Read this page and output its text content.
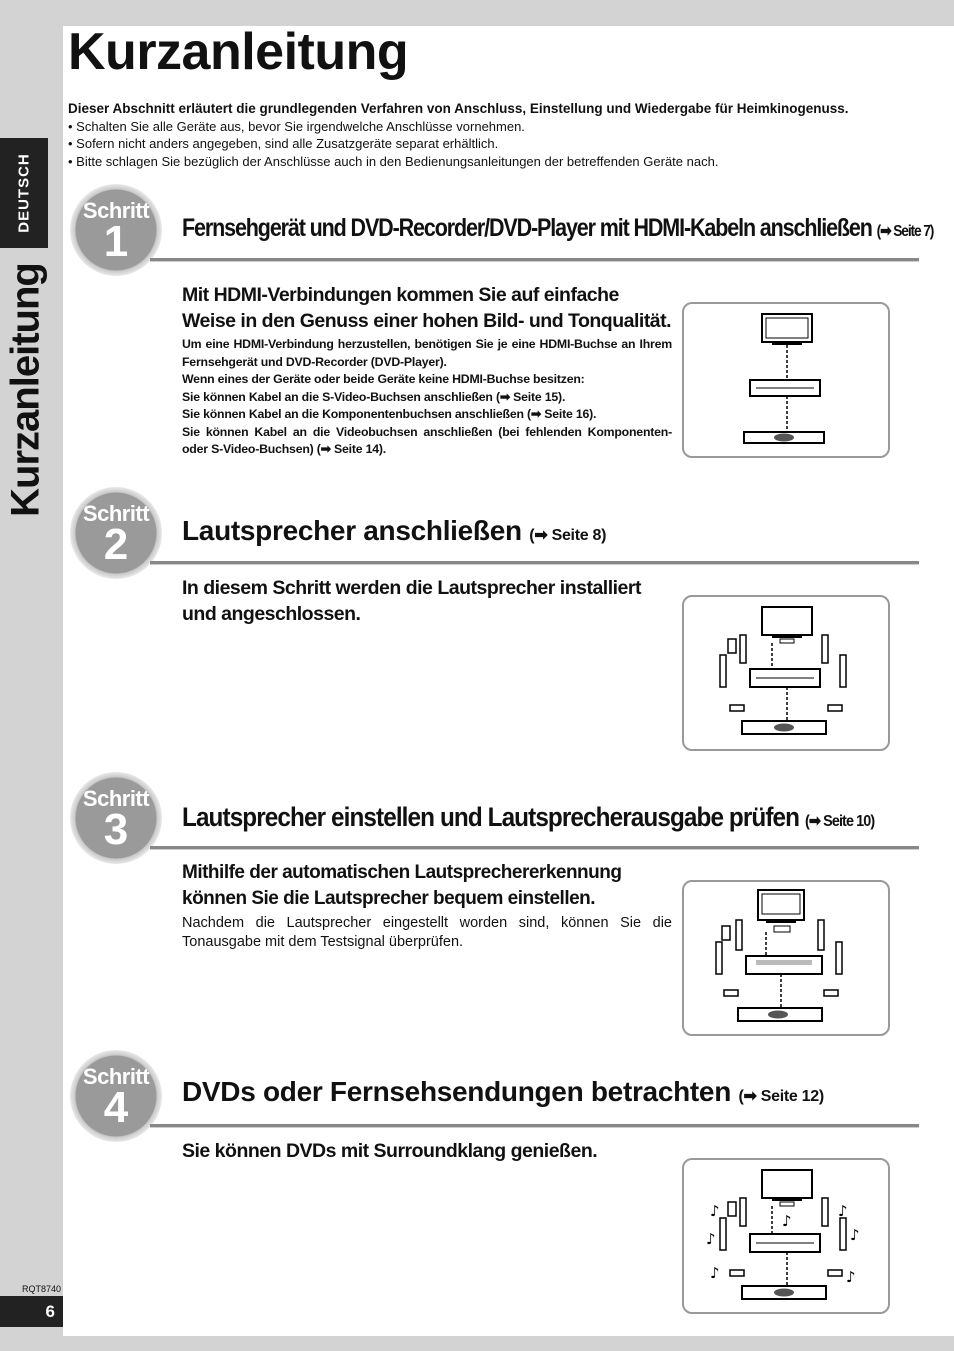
DEUTSCH
Kurzanleitung
Kurzanleitung
Dieser Abschnitt erläutert die grundlegenden Verfahren von Anschluss, Einstellung und Wiedergabe für Heimkinogenuss.
• Schalten Sie alle Geräte aus, bevor Sie irgendwelche Anschlüsse vornehmen.
• Sofern nicht anders angegeben, sind alle Zusatzgeräte separat erhältlich.
• Bitte schlagen Sie bezüglich der Anschlüsse auch in den Bedienungsanleitungen der betreffenden Geräte nach.
Schritt
1	Fernsehgerät und DVD-Recorder/DVD-Player mit HDMI-Kabeln anschließen (➡ Seite 7)

Mit HDMI-Verbindungen kommen Sie auf einfache Weise in den Genuss einer hohen Bild- und Tonqualität.

Um eine HDMI-Verbindung herzustellen, benötigen Sie je eine HDMI-Buchse an Ihrem Fernsehgerät und DVD-Recorder (DVD-Player).

Wenn eines der Geräte oder beide Geräte keine HDMI-Buchse besitzen:

Sie können Kabel an die S-Video-Buchsen anschließen (➡ Seite 15).

Sie können Kabel an die Komponentenbuchsen anschließen (➡ Seite 16).

Sie können Kabel an die Videobuchsen anschließen (bei fehlenden Komponenten- oder S-Video-Buchsen) (➡ Seite 14).

Schritt
2	Lautsprecher anschließen (➡ Seite 8)

In diesem Schritt werden die Lautsprecher installiert und angeschlossen.

Schritt
3	Lautsprecher einstellen und Lautsprecherausgabe prüfen (➡ Seite 10)

Mithilfe der automatischen Lautsprechererkennung können Sie die Lautsprecher bequem einstellen.

Nachdem die Lautsprecher eingestellt worden sind, können Sie die Tonausgabe mit dem Testsignal überprüfen.

Schritt
4	DVDs oder Fernsehsendungen betrachten (➡ Seite 12)

Sie können DVDs mit Surroundklang genießen.

♪
♪
♪
♪
♪
♪	♪
RQT8740
6
